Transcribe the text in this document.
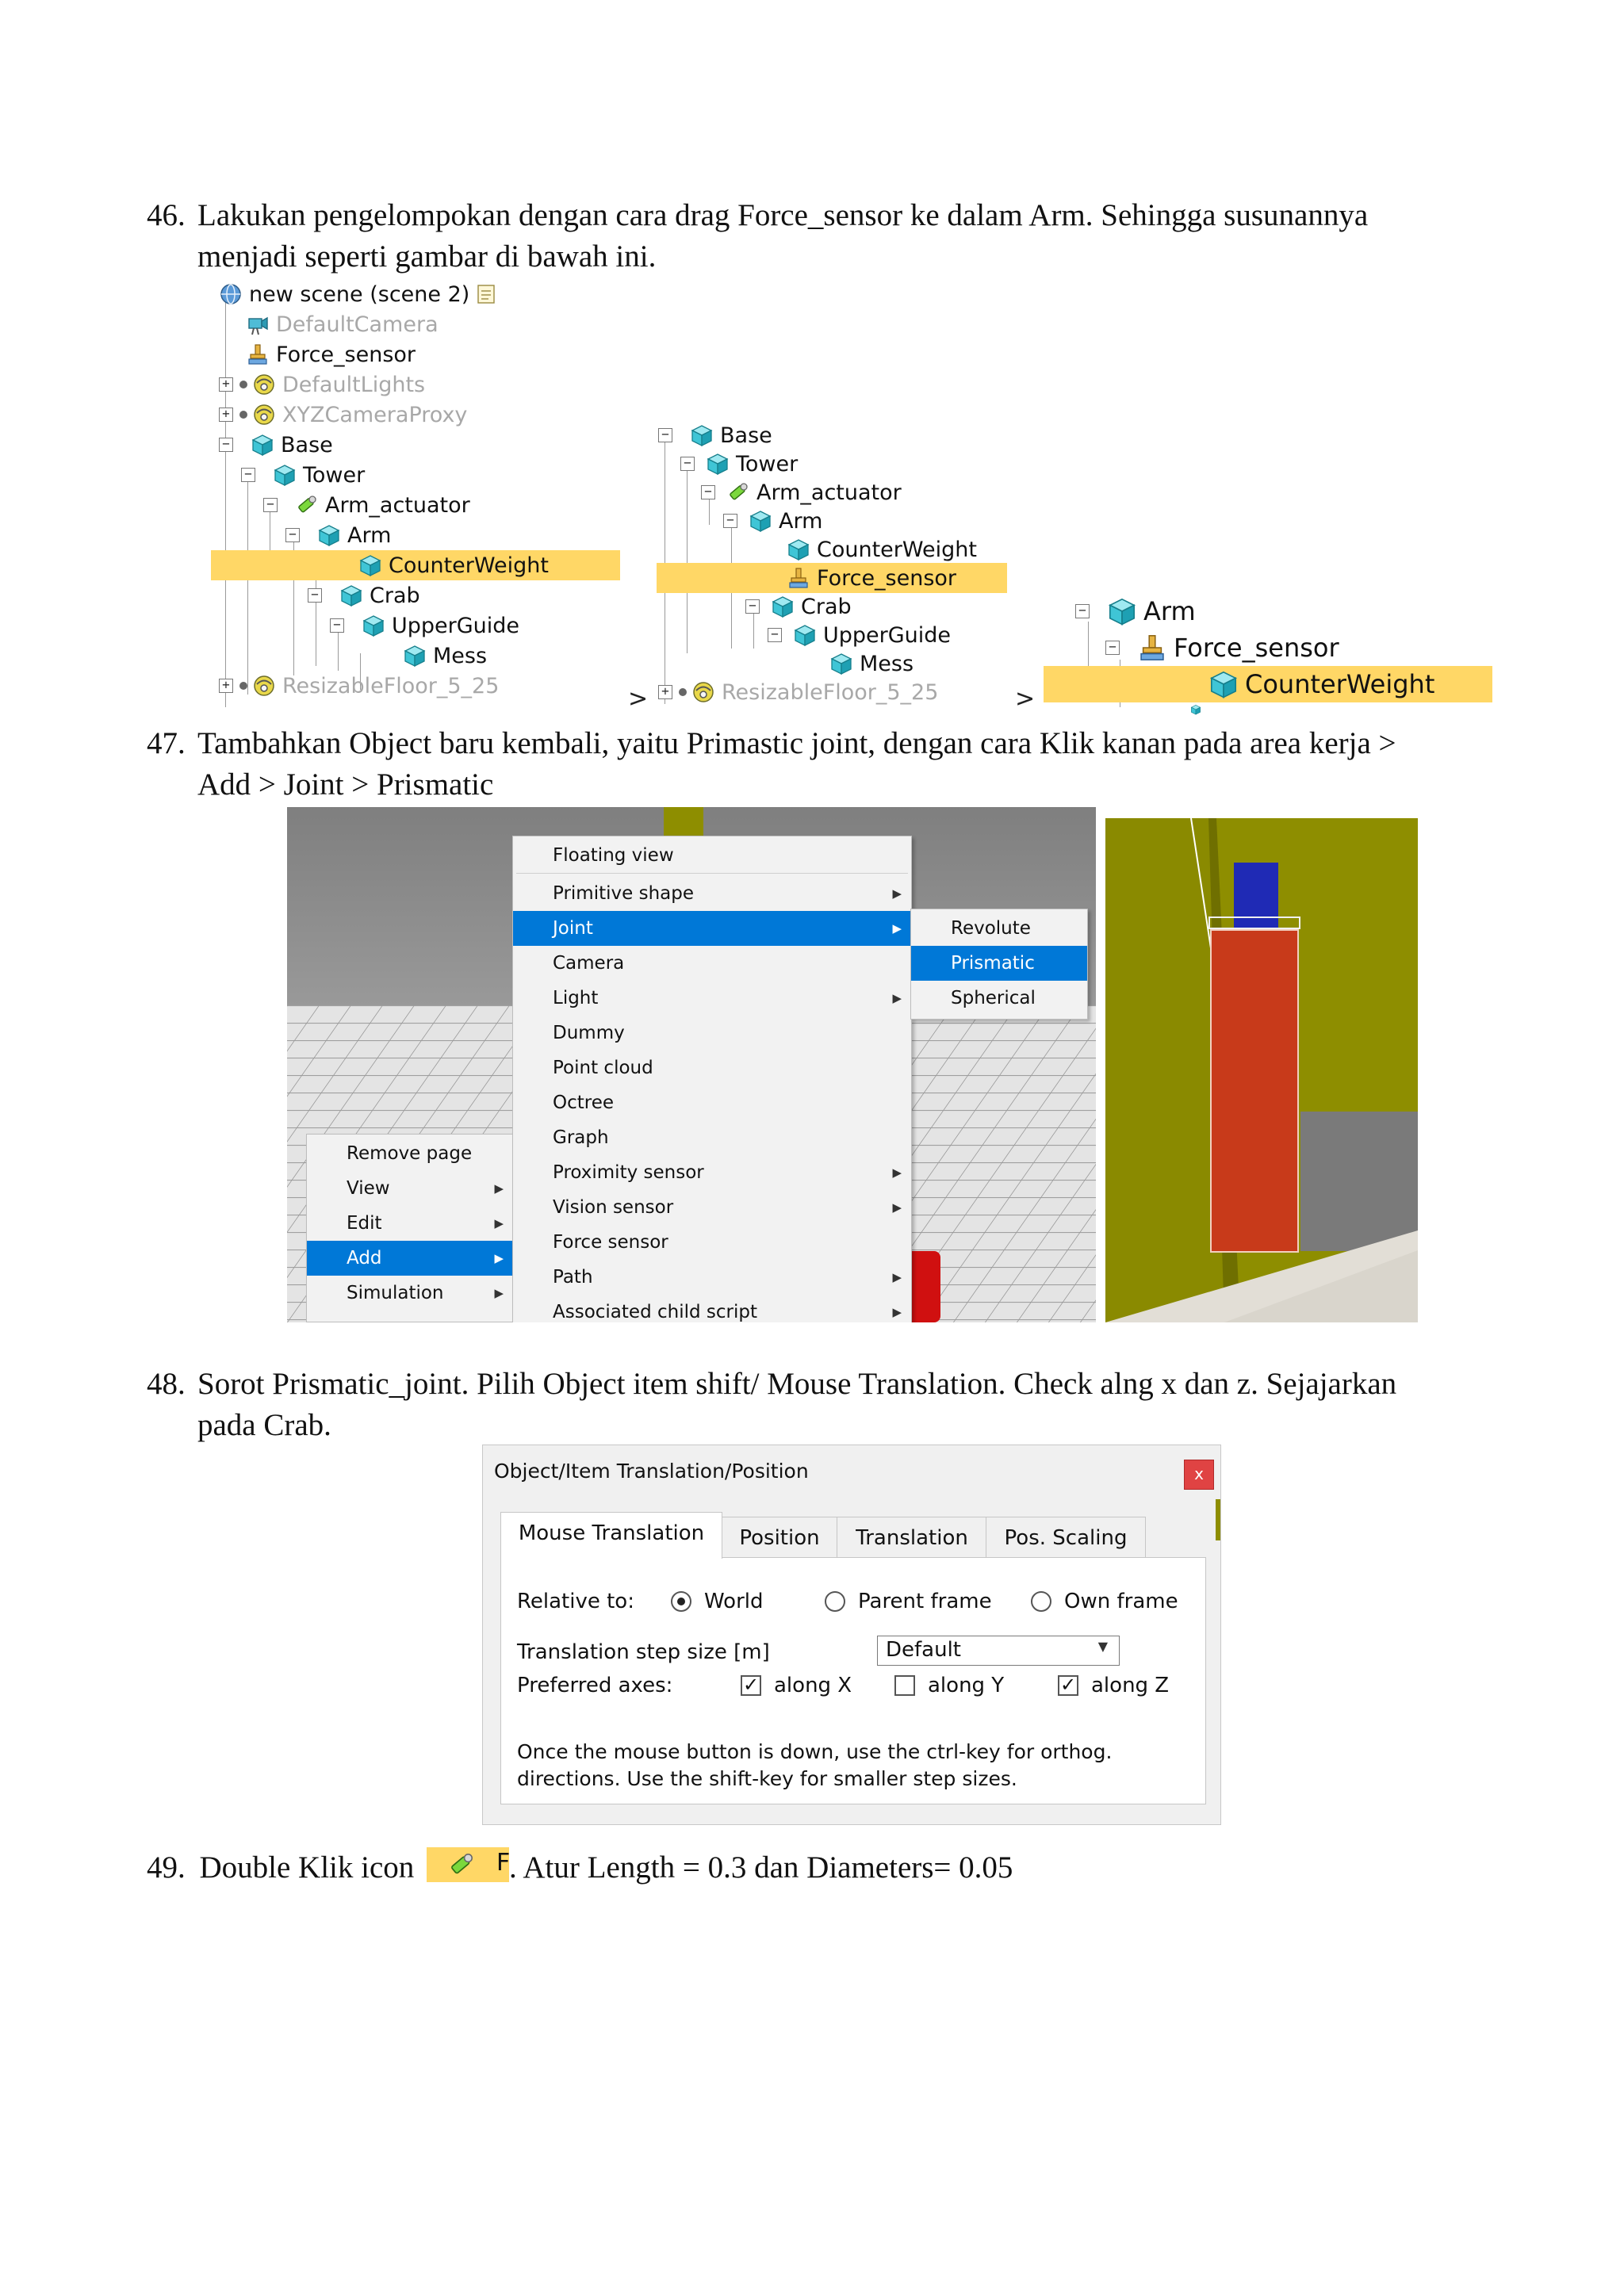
46. Lakukan pengelompokan dengan cara drag Force_sensor ke dalam Arm. Sehingga susunannya
menjadi seperti gambar di bawah ini.
new scene (scene 2)
DefaultCamera
Force_sensor
+ DefaultLights
+ XYZCameraProxy
− Base
− Tower
− Arm_actuator
− Arm
CounterWeight
− Crab
− UpperGuide
Mess
+ ResizableFloor_5_25	>
− Base
− Tower
− Arm_actuator
− Arm
CounterWeight
Force_sensor
− Crab
− UpperGuide
Mess
+ ResizableFloor_5_25	>
− Arm
− Force_sensor
CounterWeight
47. Tambahkan Object baru kembali, yaitu Primastic joint, dengan cara Klik kanan pada area kerja >
Add > Joint > Prismatic
Remove page
View	▶
Edit	▶
Add	▶
Simulation	▶
Floating view
Primitive shape	▶
Joint	▶
Camera
Light	▶
Dummy
Point cloud
Octree
Graph
Proximity sensor	▶
Vision sensor	▶
Force sensor
Path	▶
Associated child script	▶
Revolute
Prismatic
Spherical
48. Sorot Prismatic_joint. Pilih Object item shift/ Mouse Translation. Check alng x dan z. Sejajarkan
pada Crab.
Object/Item Translation/Position	x
Mouse Translation	Position	Translation	Pos. Scaling
Relative to:	World	Parent frame	Own frame
Translation step size [m]	Default	▼
Preferred axes:	✓ along X	along Y	✓ along Z
Once the mouse button is down, use the ctrl-key for orthog.
directions. Use the shift-key for smaller step sizes.
49. Double Klik icon	F
. Atur Length = 0.3 dan Diameters= 0.05
